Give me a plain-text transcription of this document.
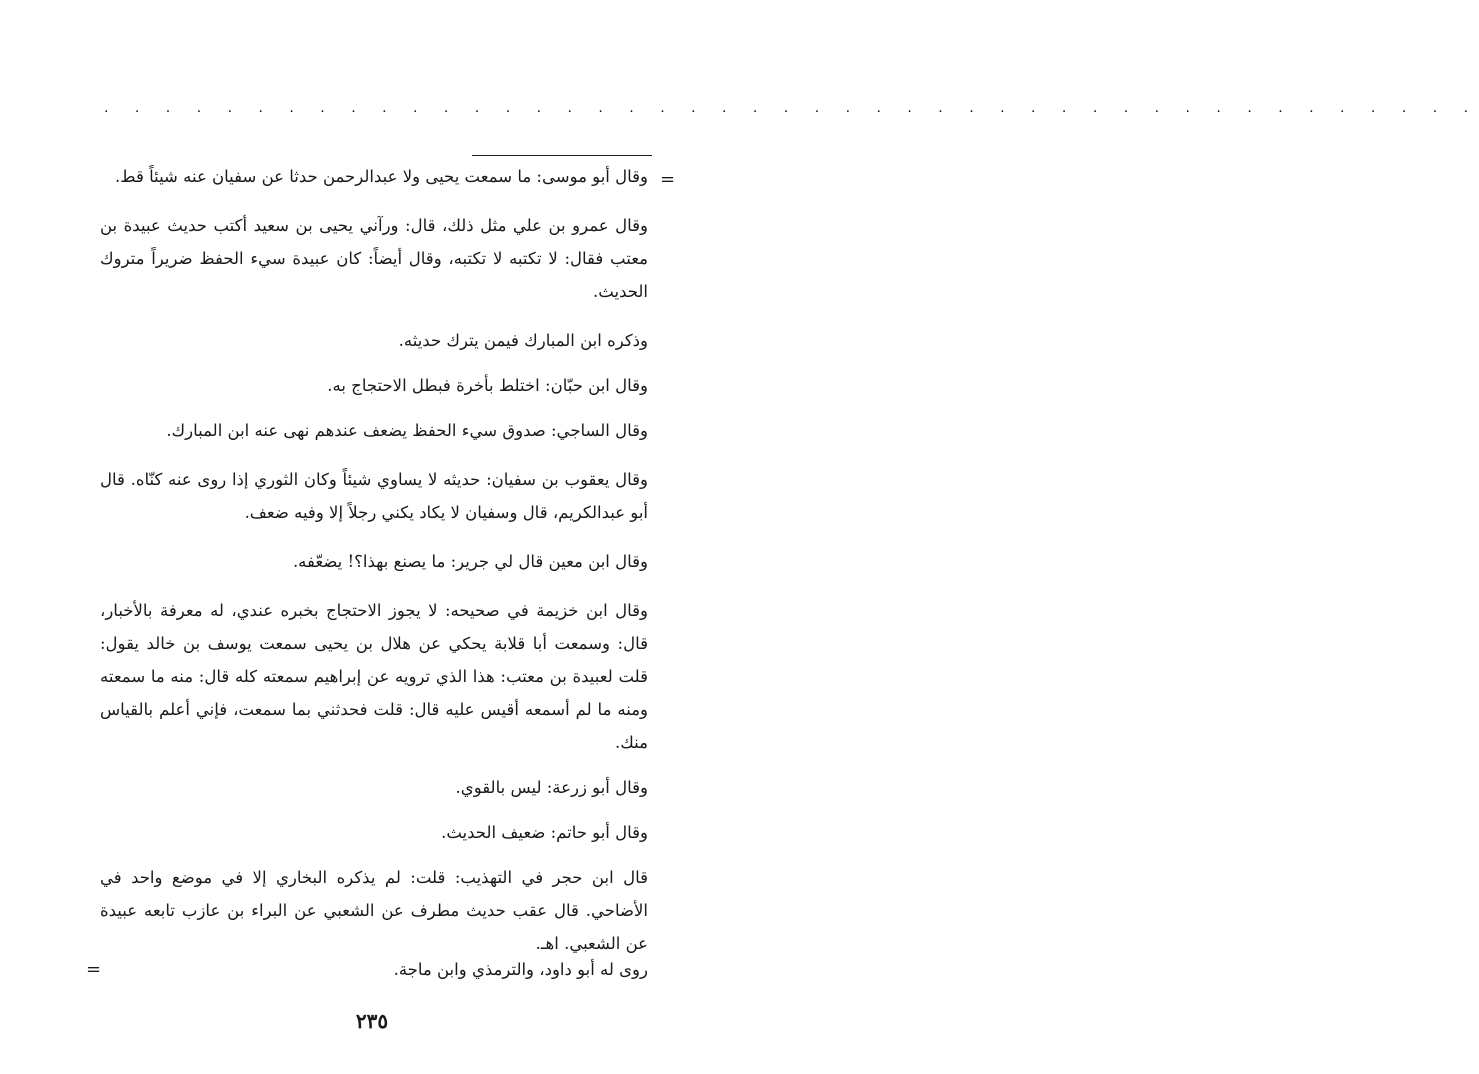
. . . . . . . . . . . . . . . . . . . . . . . . . . . . . . . . . . . . . . . . . . . . .
=
=

وقال أبو موسى: ما سمعت يحيى ولا عبدالرحمن حدثا عن سفيان عنه شيئاً قط.

وقال عمرو بن علي مثل ذلك، قال: ورآني يحيى بن سعيد أكتب حديث عبيدة بن معتب فقال: لا تكتبه لا تكتبه، وقال أيضاً: كان عبيدة سيء الحفظ ضريراً متروك الحديث.

وذكره ابن المبارك فيمن يترك حديثه.

وقال ابن حبّان: اختلط بأخرة فبطل الاحتجاج به.

وقال الساجي: صدوق سيء الحفظ يضعف عندهم نهى عنه ابن المبارك.

وقال يعقوب بن سفيان: حديثه لا يساوي شيئاً وكان الثوري إذا روى عنه كنّاه. قال أبو عبدالكريم، قال وسفيان لا يكاد يكني رجلاً إلا وفيه ضعف.

وقال ابن معين قال لي جرير: ما يصنع بهذا؟! يضعّفه.

وقال ابن خزيمة في صحيحه: لا يجوز الاحتجاج بخبره عندي، له معرفة بالأخبار، قال: وسمعت أبا قلابة يحكي عن هلال بن يحيى سمعت يوسف بن خالد يقول: قلت لعبيدة بن معتب: هذا الذي ترويه عن إبراهيم سمعته كله قال: منه ما سمعته ومنه ما لم أسمعه أقيس عليه قال: قلت فحدثني بما سمعت، فإني أعلم بالقياس منك.

وقال أبو زرعة: ليس بالقوي.

وقال أبو حاتم: ضعيف الحديث.

قال ابن حجر في التهذيب: قلت: لم يذكره البخاري إلا في موضع واحد في الأضاحي. قال عقب حديث مطرف عن الشعبي عن البراء بن عازب تابعه عبيدة عن الشعبي. اهـ.

روى له أبو داود، والترمذي وابن ماجة.
٢٣٥
